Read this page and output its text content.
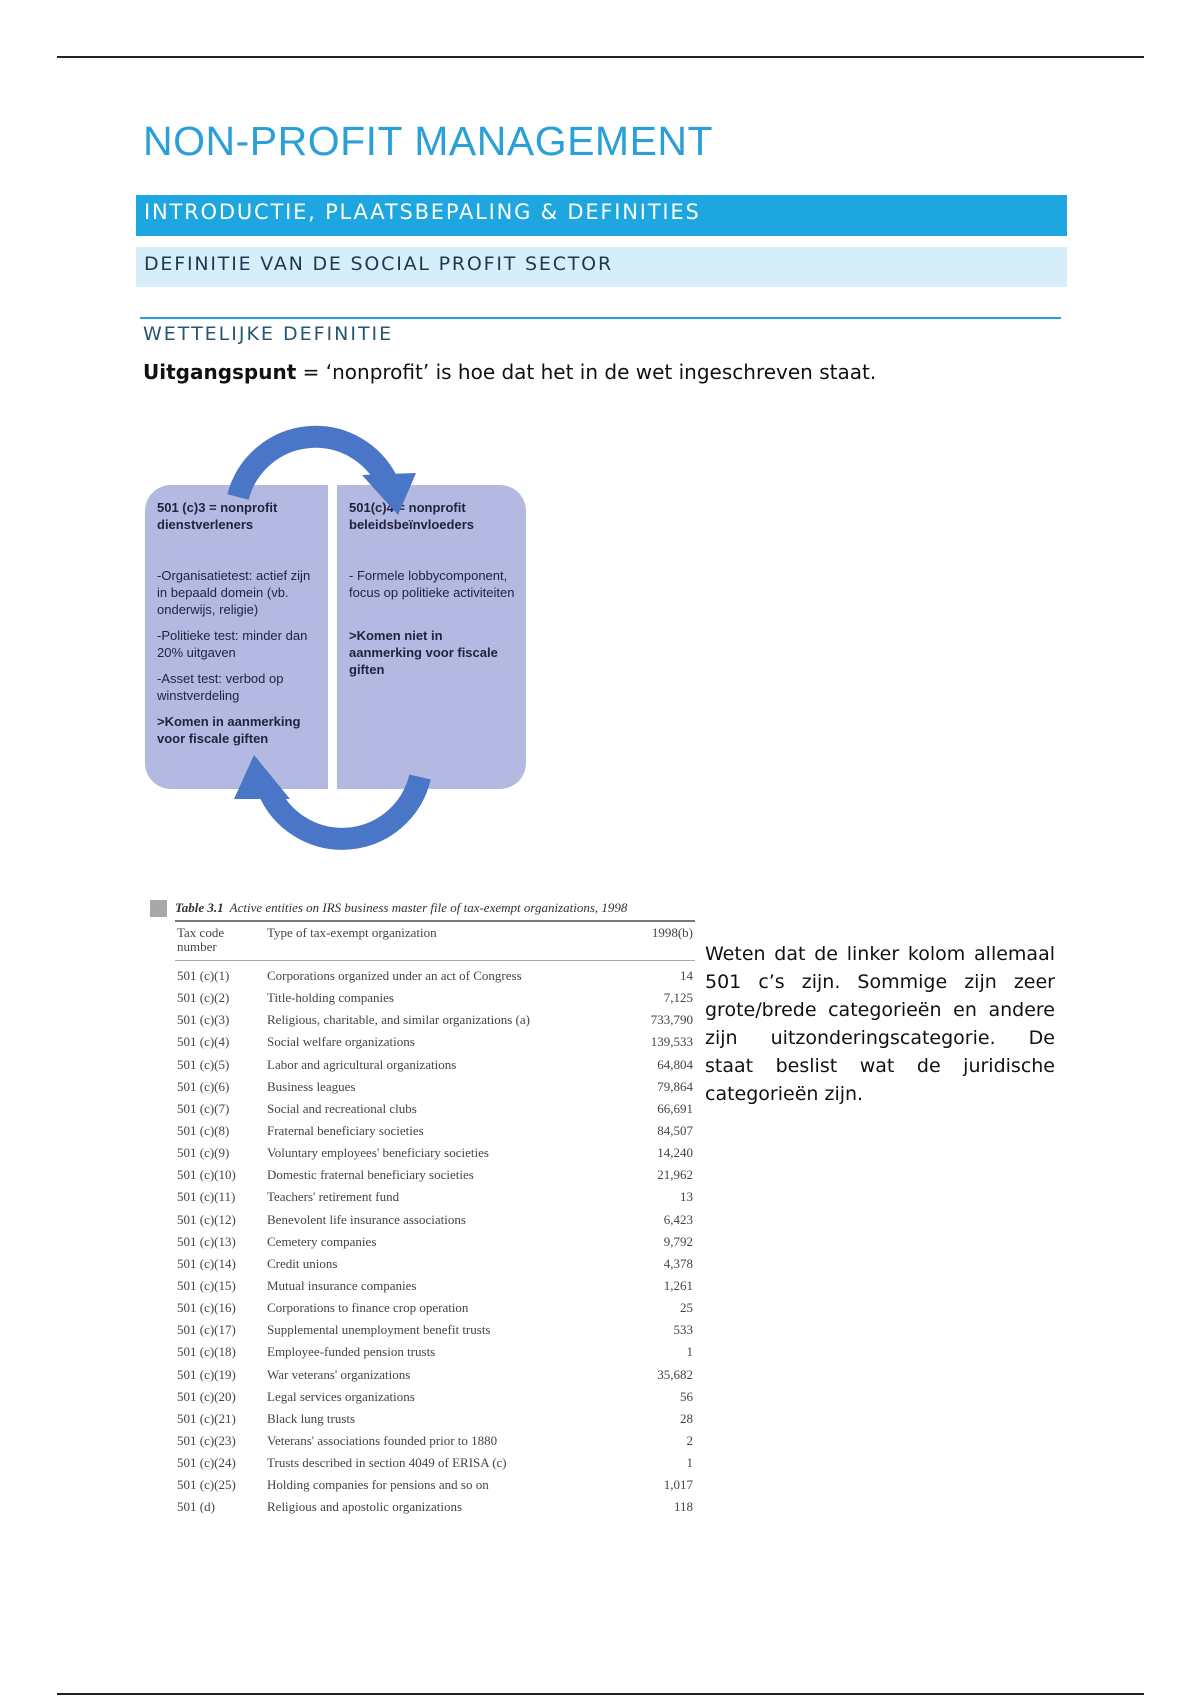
NON-PROFIT MANAGEMENT
INTRODUCTIE, PLAATSBEPALING & DEFINITIES
DEFINITIE VAN DE SOCIAL PROFIT SECTOR
WETTELIJKE DEFINITIE

Uitgangspunt = ‘nonprofit’ is hoe dat het in de wet ingeschreven staat.

501 (c)3 = nonprofit dienstverleners

-Organisatietest: actief zijn in bepaald domein (vb. onderwijs, religie)

-Politieke test: minder dan 20% uitgaven

-Asset test: verbod op winstverdeling

>Komen in aanmerking voor fiscale giften

501(c)4 = nonprofit beleidsbeïnvloeders

- Formele lobbycomponent, focus op politieke activiteiten

>Komen niet in aanmerking voor fiscale giften

Table 3.1 Active entities on IRS business master file of tax-exempt organizations, 1998
Tax code number	Type of tax-exempt organization	1998(b)
501 (c)(1)	Corporations organized under an act of Congress	14
501 (c)(2)	Title-holding companies	7,125
501 (c)(3)	Religious, charitable, and similar organizations (a)	733,790
501 (c)(4)	Social welfare organizations	139,533
501 (c)(5)	Labor and agricultural organizations	64,804
501 (c)(6)	Business leagues	79,864
501 (c)(7)	Social and recreational clubs	66,691
501 (c)(8)	Fraternal beneficiary societies	84,507
501 (c)(9)	Voluntary employees' beneficiary societies	14,240
501 (c)(10)	Domestic fraternal beneficiary societies	21,962
501 (c)(11)	Teachers' retirement fund	13
501 (c)(12)	Benevolent life insurance associations	6,423
501 (c)(13)	Cemetery companies	9,792
501 (c)(14)	Credit unions	4,378
501 (c)(15)	Mutual insurance companies	1,261
501 (c)(16)	Corporations to finance crop operation	25
501 (c)(17)	Supplemental unemployment benefit trusts	533
501 (c)(18)	Employee-funded pension trusts	1
501 (c)(19)	War veterans' organizations	35,682
501 (c)(20)	Legal services organizations	56
501 (c)(21)	Black lung trusts	28
501 (c)(23)	Veterans' associations founded prior to 1880	2
501 (c)(24)	Trusts described in section 4049 of ERISA (c)	1
501 (c)(25)	Holding companies for pensions and so on	1,017
501 (d)	Religious and apostolic organizations	118

Weten dat de linker kolom allemaal 501 c’s zijn. Sommige zijn zeer grote/brede categorieën en andere zijn uitzonderingscategorie. De staat beslist wat de juridische categorieën zijn.
